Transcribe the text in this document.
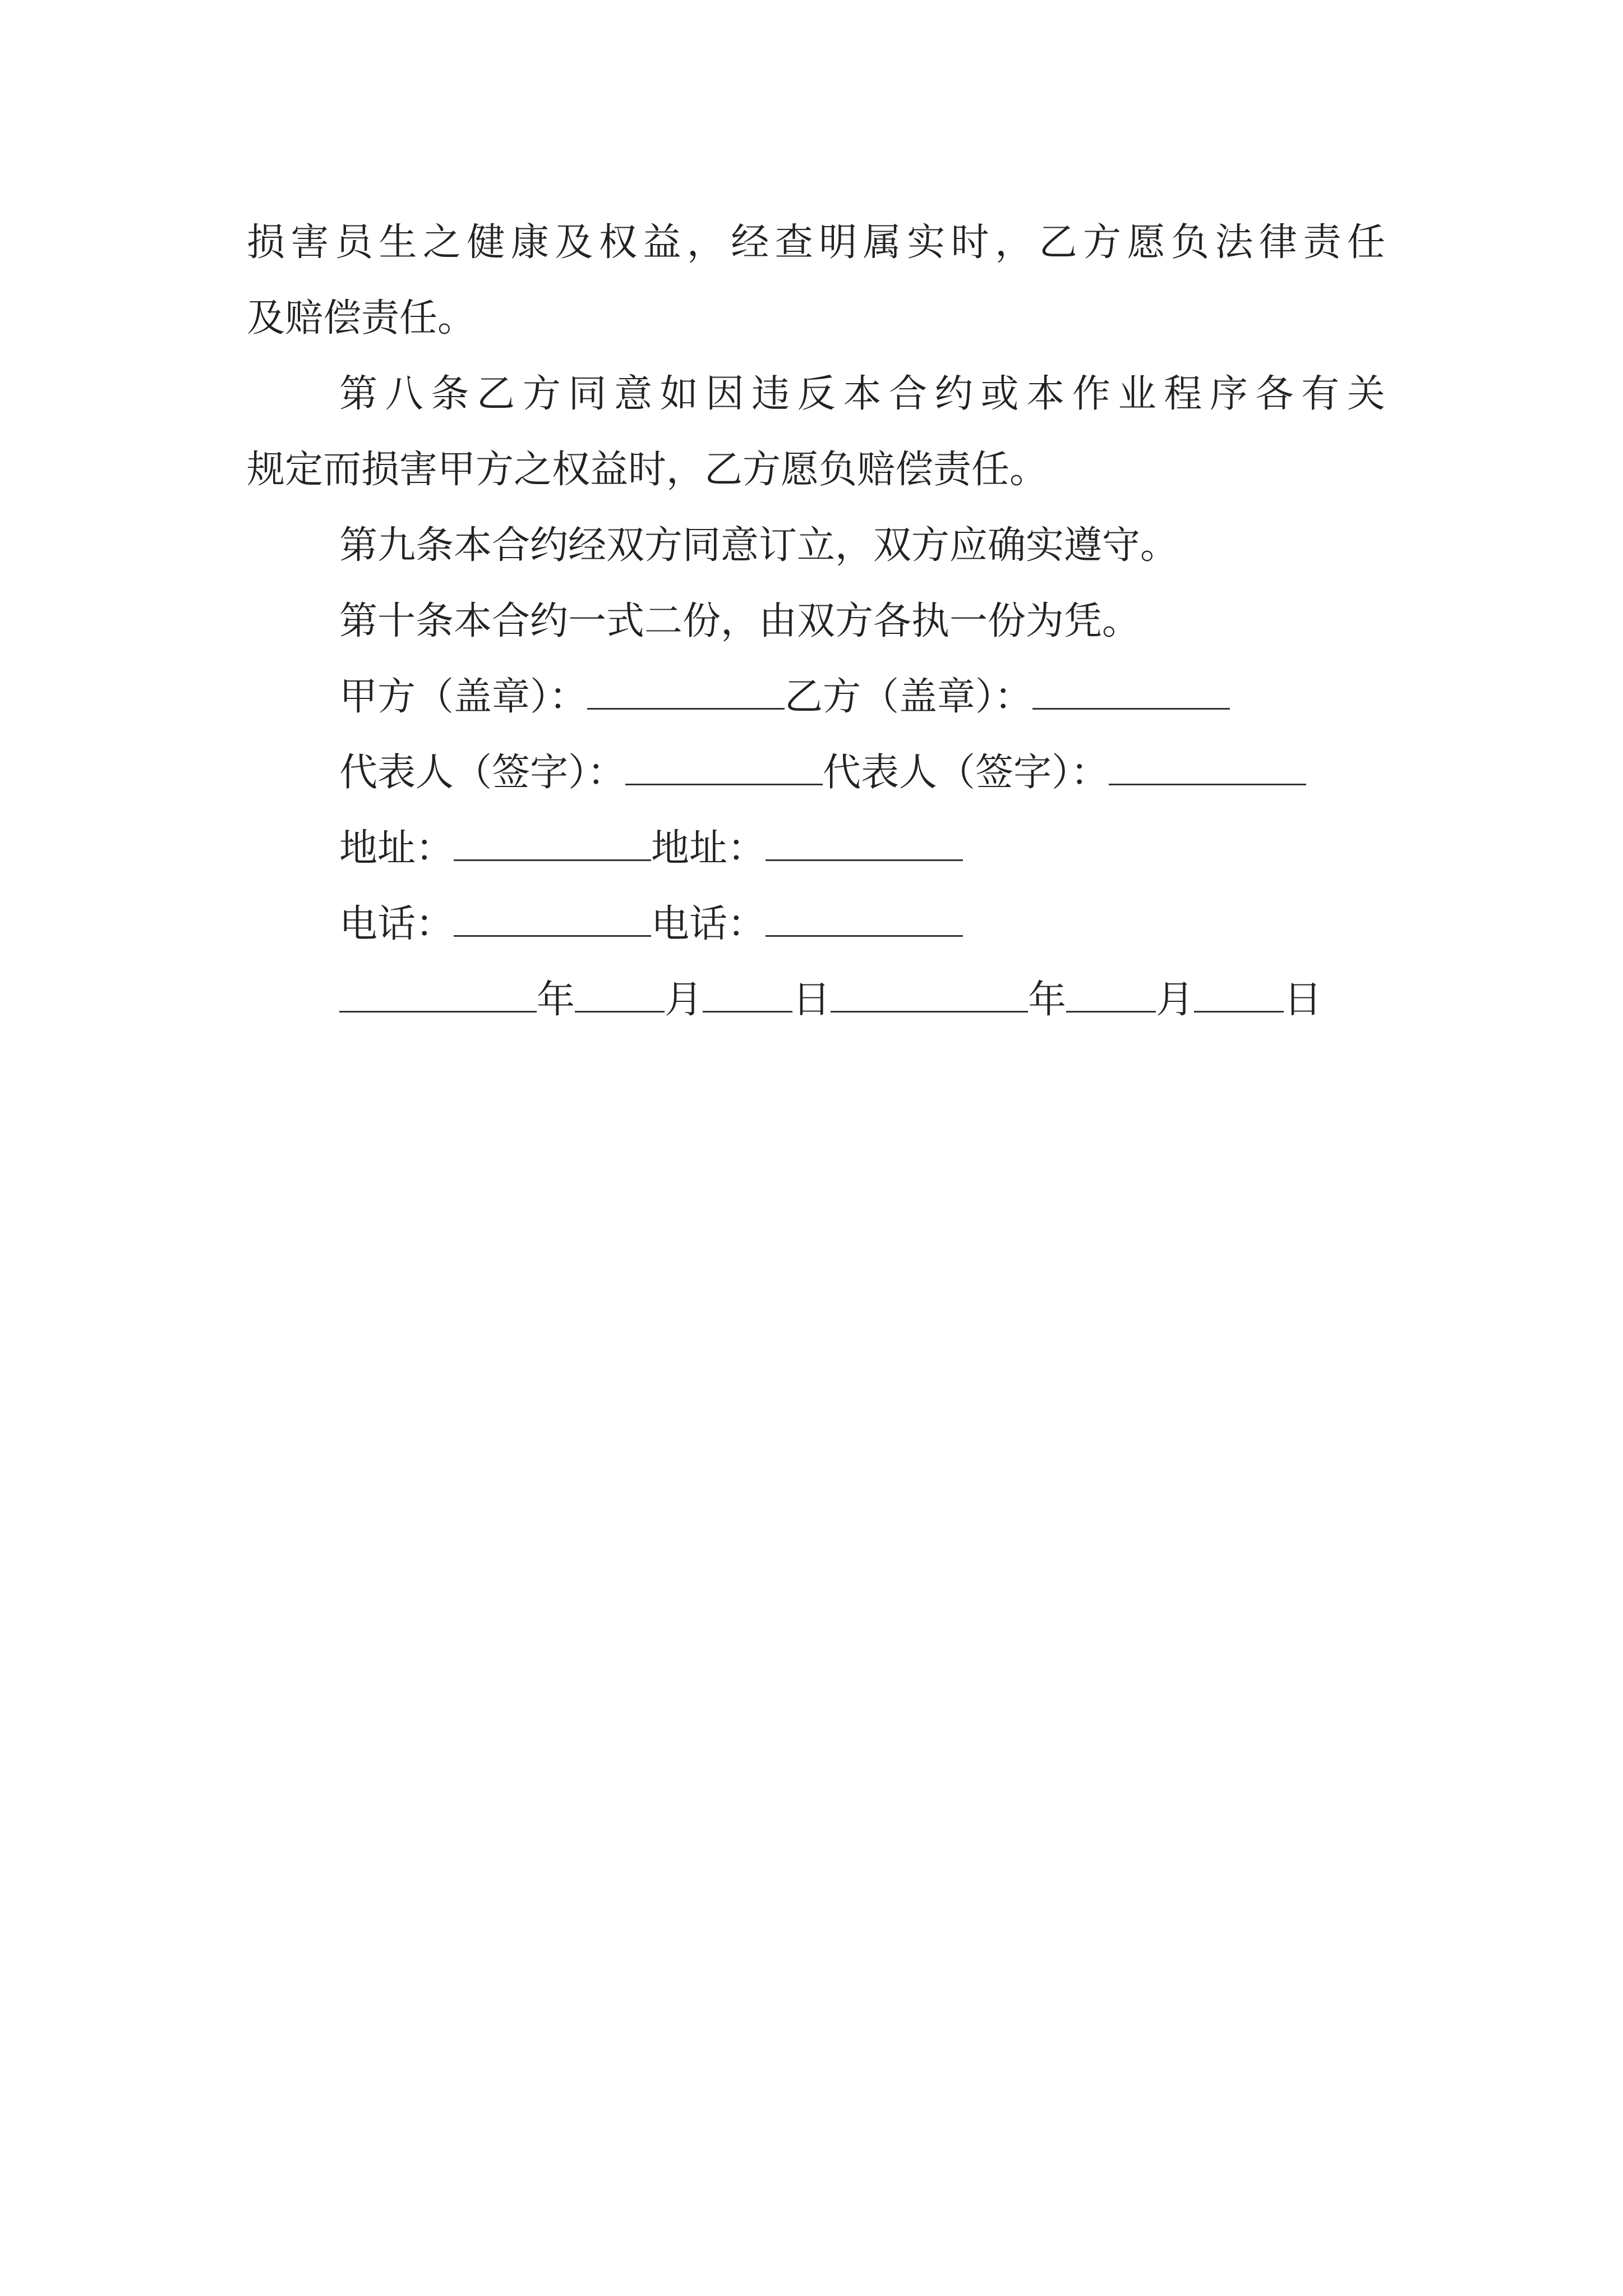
损害员生之健康及权益，经查明属实时，乙方愿负法律责任
及赔偿责任。
第八条乙方同意如因违反本合约或本作业程序各有关
规定而损害甲方之权益时，乙方愿负赔偿责任。
第九条本合约经双方同意订立，双方应确实遵守。
第十条本合约一式二份，由双方各执一份为凭。
甲方（盖章）：	乙方（盖章）：
代表人（签字）：	代表人（签字）：
地址：	地址：
电话：	电话：
年 月 日	年 月 日
